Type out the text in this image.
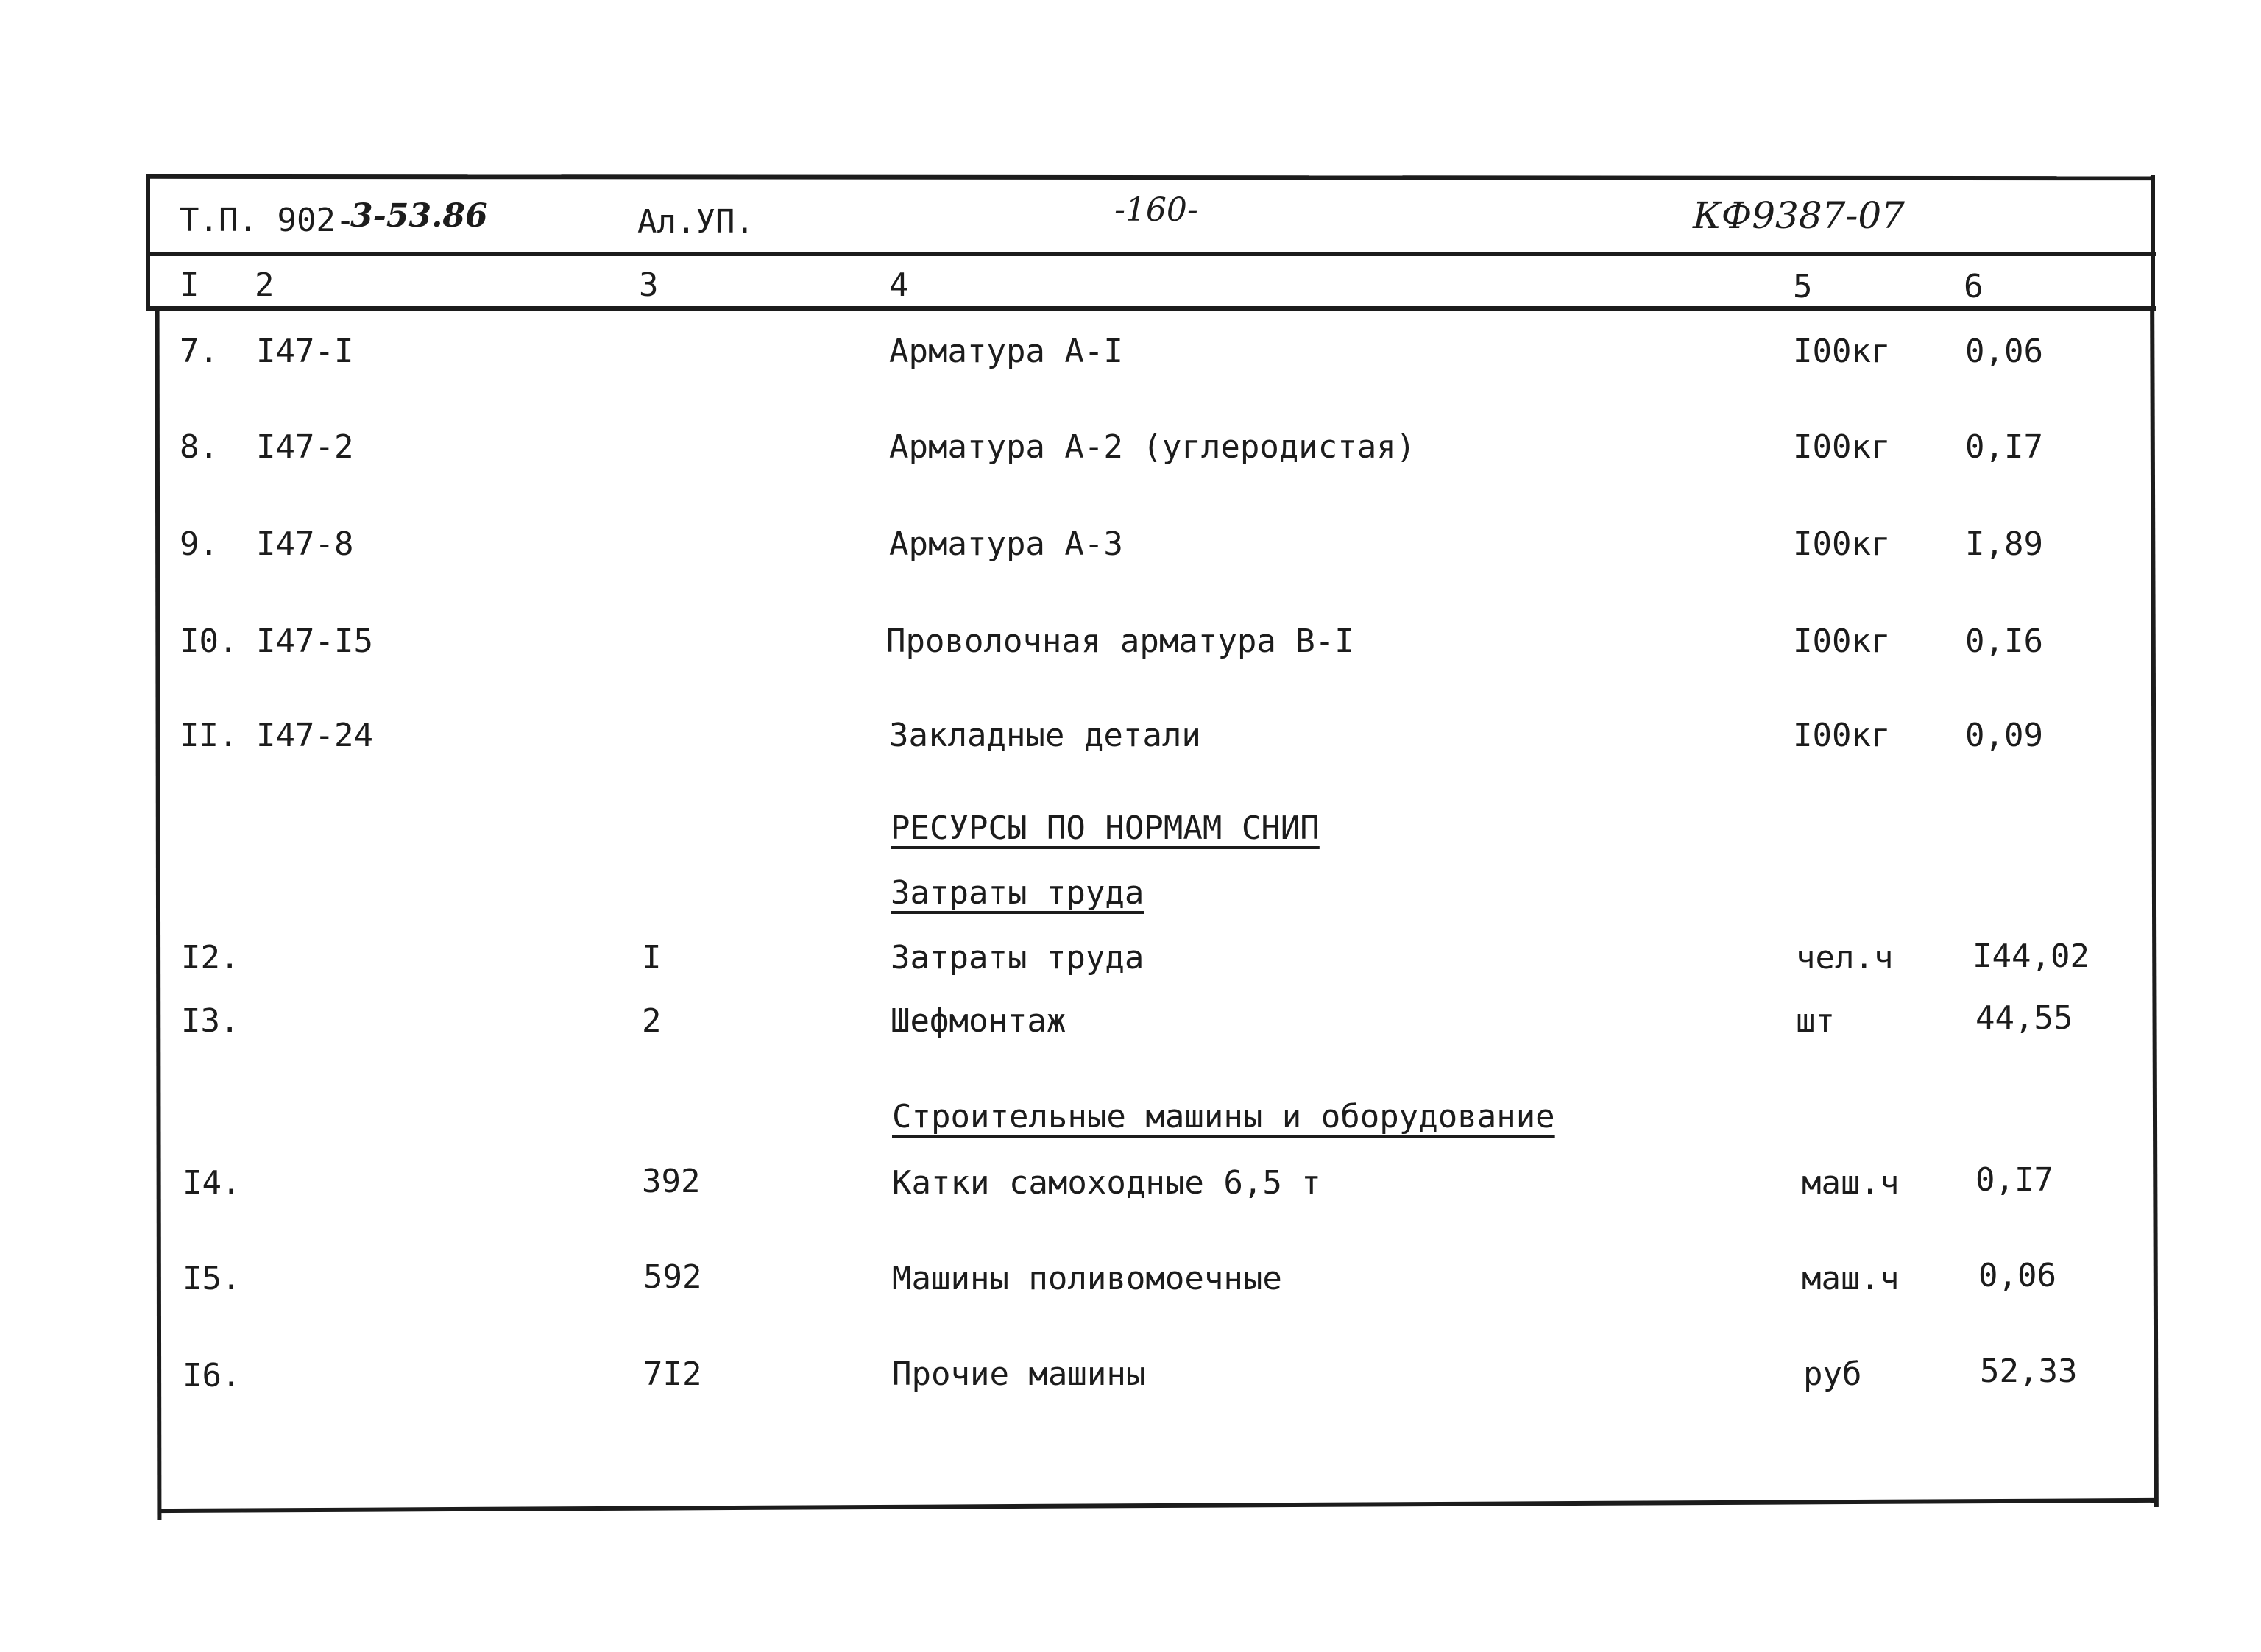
Т.П. 902-
3-53.86	Ал.УП.	-160-	КФ9387-07
I 2	3	4	5	6
7. I47-I	Арматура А-I	I00кг 0,06
8. I47-2	Арматура А-2 (углеродистая)	I00кг 0,I7
9. I47-8	Арматура А-3	I00кг I,89
I0. I47-I5	Проволочная арматура В-I	I00кг 0,I6
II. I47-24	Закладные детали	I00кг 0,09
РЕСУРСЫ ПО НОРМАМ СНИП
Затраты труда
I2.	I	Затраты труда	чел.ч I44,02
I3.	2	Шефмонтаж	шт	44,55
Строительные машины и оборудование
I4.	392	Катки самоходные 6,5 т	маш.ч 0,I7
I5.	592	Машины поливомоечные	маш.ч 0,06
I6.	7I2	Прочие машины	руб	52,33
